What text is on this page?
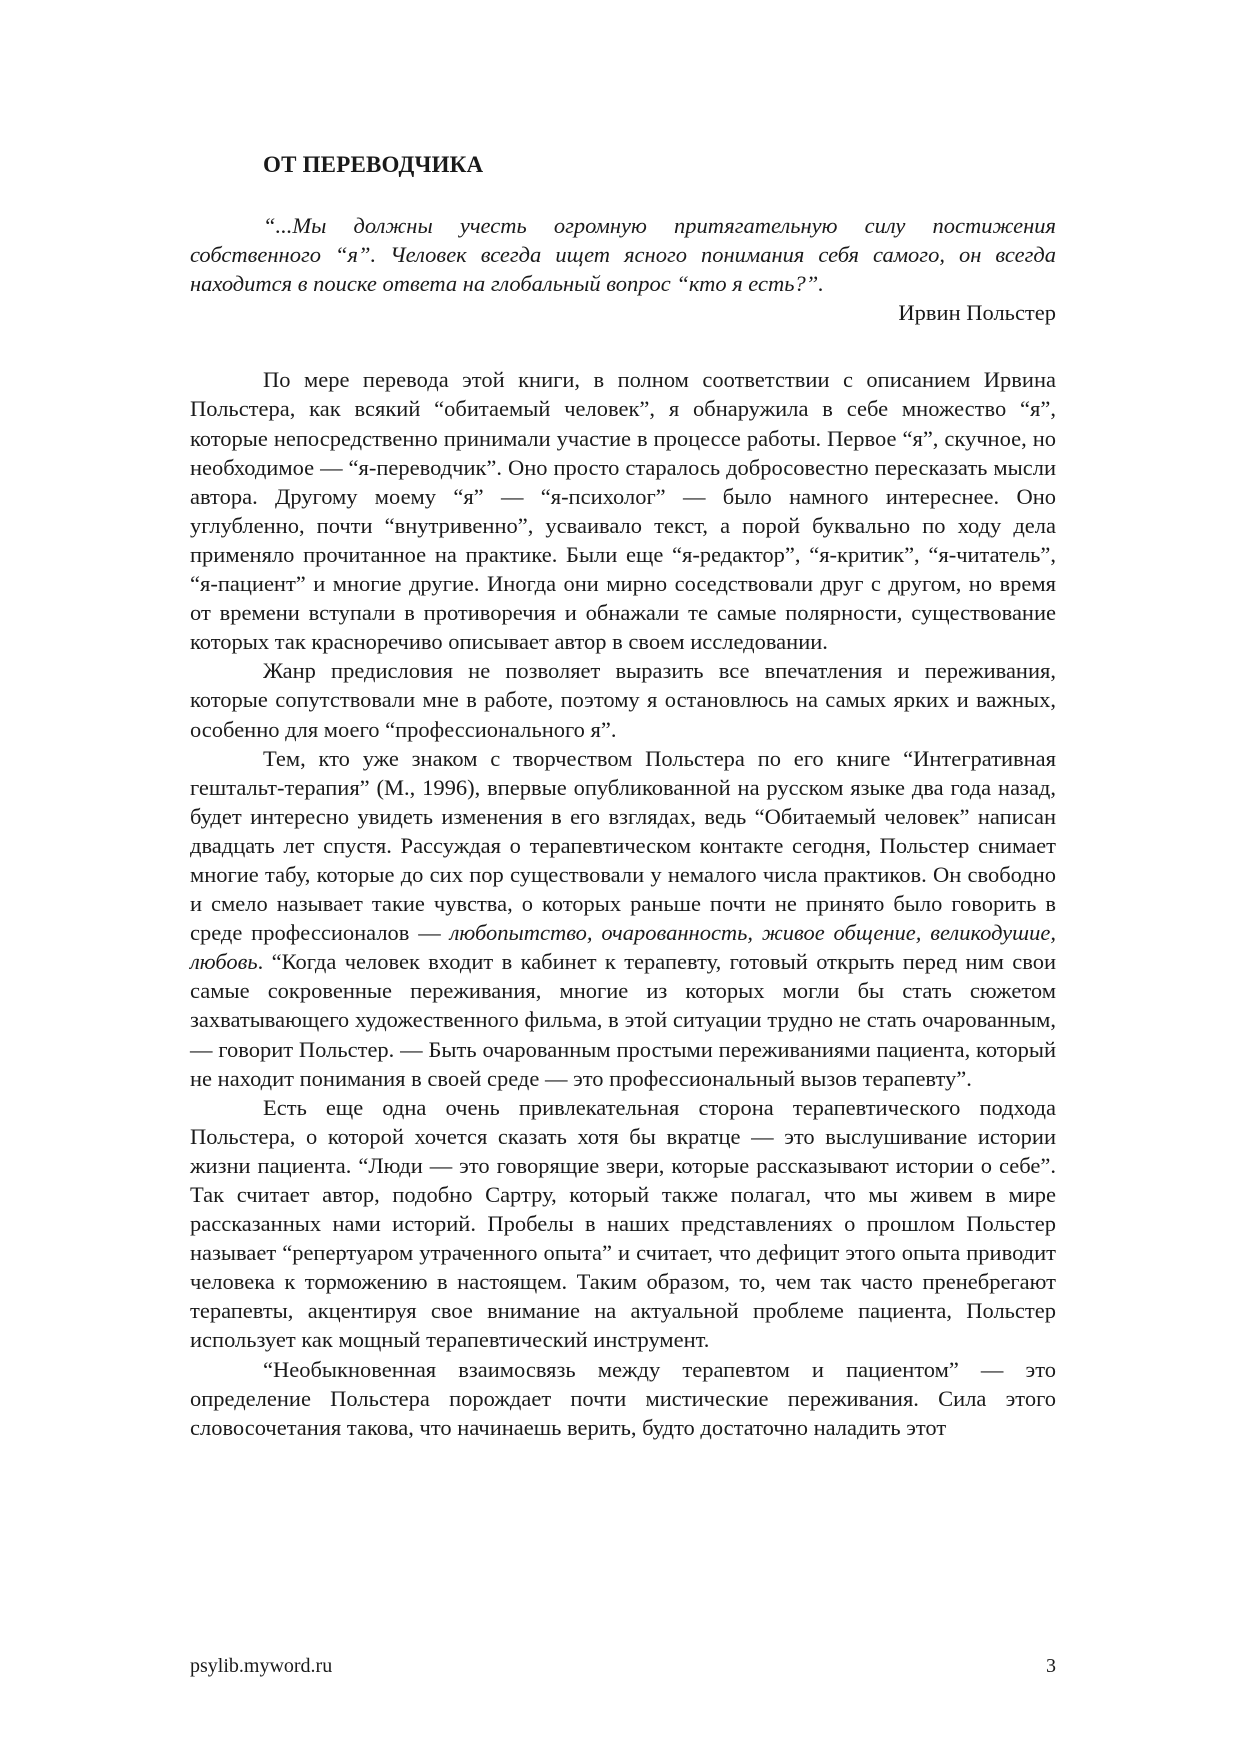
ОТ ПЕРЕВОДЧИКА

“...Мы должны учесть огромную притягательную силу постижения собственного “я”. Человек всегда ищет ясного понимания себя самого, он всегда находится в поиске ответа на глобальный вопрос “кто я есть?”.

Ирвин Польстер

По мере перевода этой книги, в полном соответствии с описанием Ирвина Польстера, как всякий “обитаемый человек”, я обнаружила в себе множество “я”, которые непосредственно принимали участие в процессе работы. Первое “я”, скучное, но необходимое — “я-переводчик”. Оно просто старалось добросовестно пересказать мысли автора. Другому моему “я” — “я-психолог” — было намного интереснее. Оно углубленно, почти “внутривенно”, усваивало текст, а порой буквально по ходу дела применяло прочитанное на практике. Были еще “я-редактор”, “я-критик”, “я-читатель”, “я-пациент” и многие другие. Иногда они мирно соседствовали друг с другом, но время от времени вступали в противоречия и обнажали те самые полярности, существование которых так красноречиво описывает автор в своем исследовании.

Жанр предисловия не позволяет выразить все впечатления и переживания, которые сопутствовали мне в работе, поэтому я остановлюсь на самых ярких и важных, особенно для моего “профессионального я”.

Тем, кто уже знаком с творчеством Польстера по его книге “Интегративная гештальт-терапия” (М., 1996), впервые опубликованной на русском языке два года назад, будет интересно увидеть изменения в его взглядах, ведь “Обитаемый человек” написан двадцать лет спустя. Рассуждая о терапевтическом контакте сегодня, Польстер снимает многие табу, которые до сих пор существовали у немалого числа практиков. Он свободно и смело называет такие чувства, о которых раньше почти не принято было говорить в среде профессионалов — любопытство, очарованность, живое общение, великодушие, любовь. “Когда человек входит в кабинет к терапевту, готовый открыть перед ним свои самые сокровенные переживания, многие из которых могли бы стать сюжетом захватывающего художественного фильма, в этой ситуации трудно не стать очарованным, — говорит Польстер. — Быть очарованным простыми переживаниями пациента, который не находит понимания в своей среде — это профессиональный вызов терапевту”.

Есть еще одна очень привлекательная сторона терапевтического подхода Польстера, о которой хочется сказать хотя бы вкратце — это выслушивание истории жизни пациента. “Люди — это говорящие звери, которые рассказывают истории о себе”. Так считает автор, подобно Сартру, который также полагал, что мы живем в мире рассказанных нами историй. Пробелы в наших представлениях о прошлом Польстер называет “репертуаром утраченного опыта” и считает, что дефицит этого опыта приводит человека к торможению в настоящем. Таким образом, то, чем так часто пренебрегают терапевты, акцентируя свое внимание на актуальной проблеме пациента, Польстер использует как мощный терапевтический инструмент.

“Необыкновенная взаимосвязь между терапевтом и пациентом” — это определение Польстера порождает почти мистические переживания. Сила этого словосочетания такова, что начинаешь верить, будто достаточно наладить этот

psylib.myword.ru	3
